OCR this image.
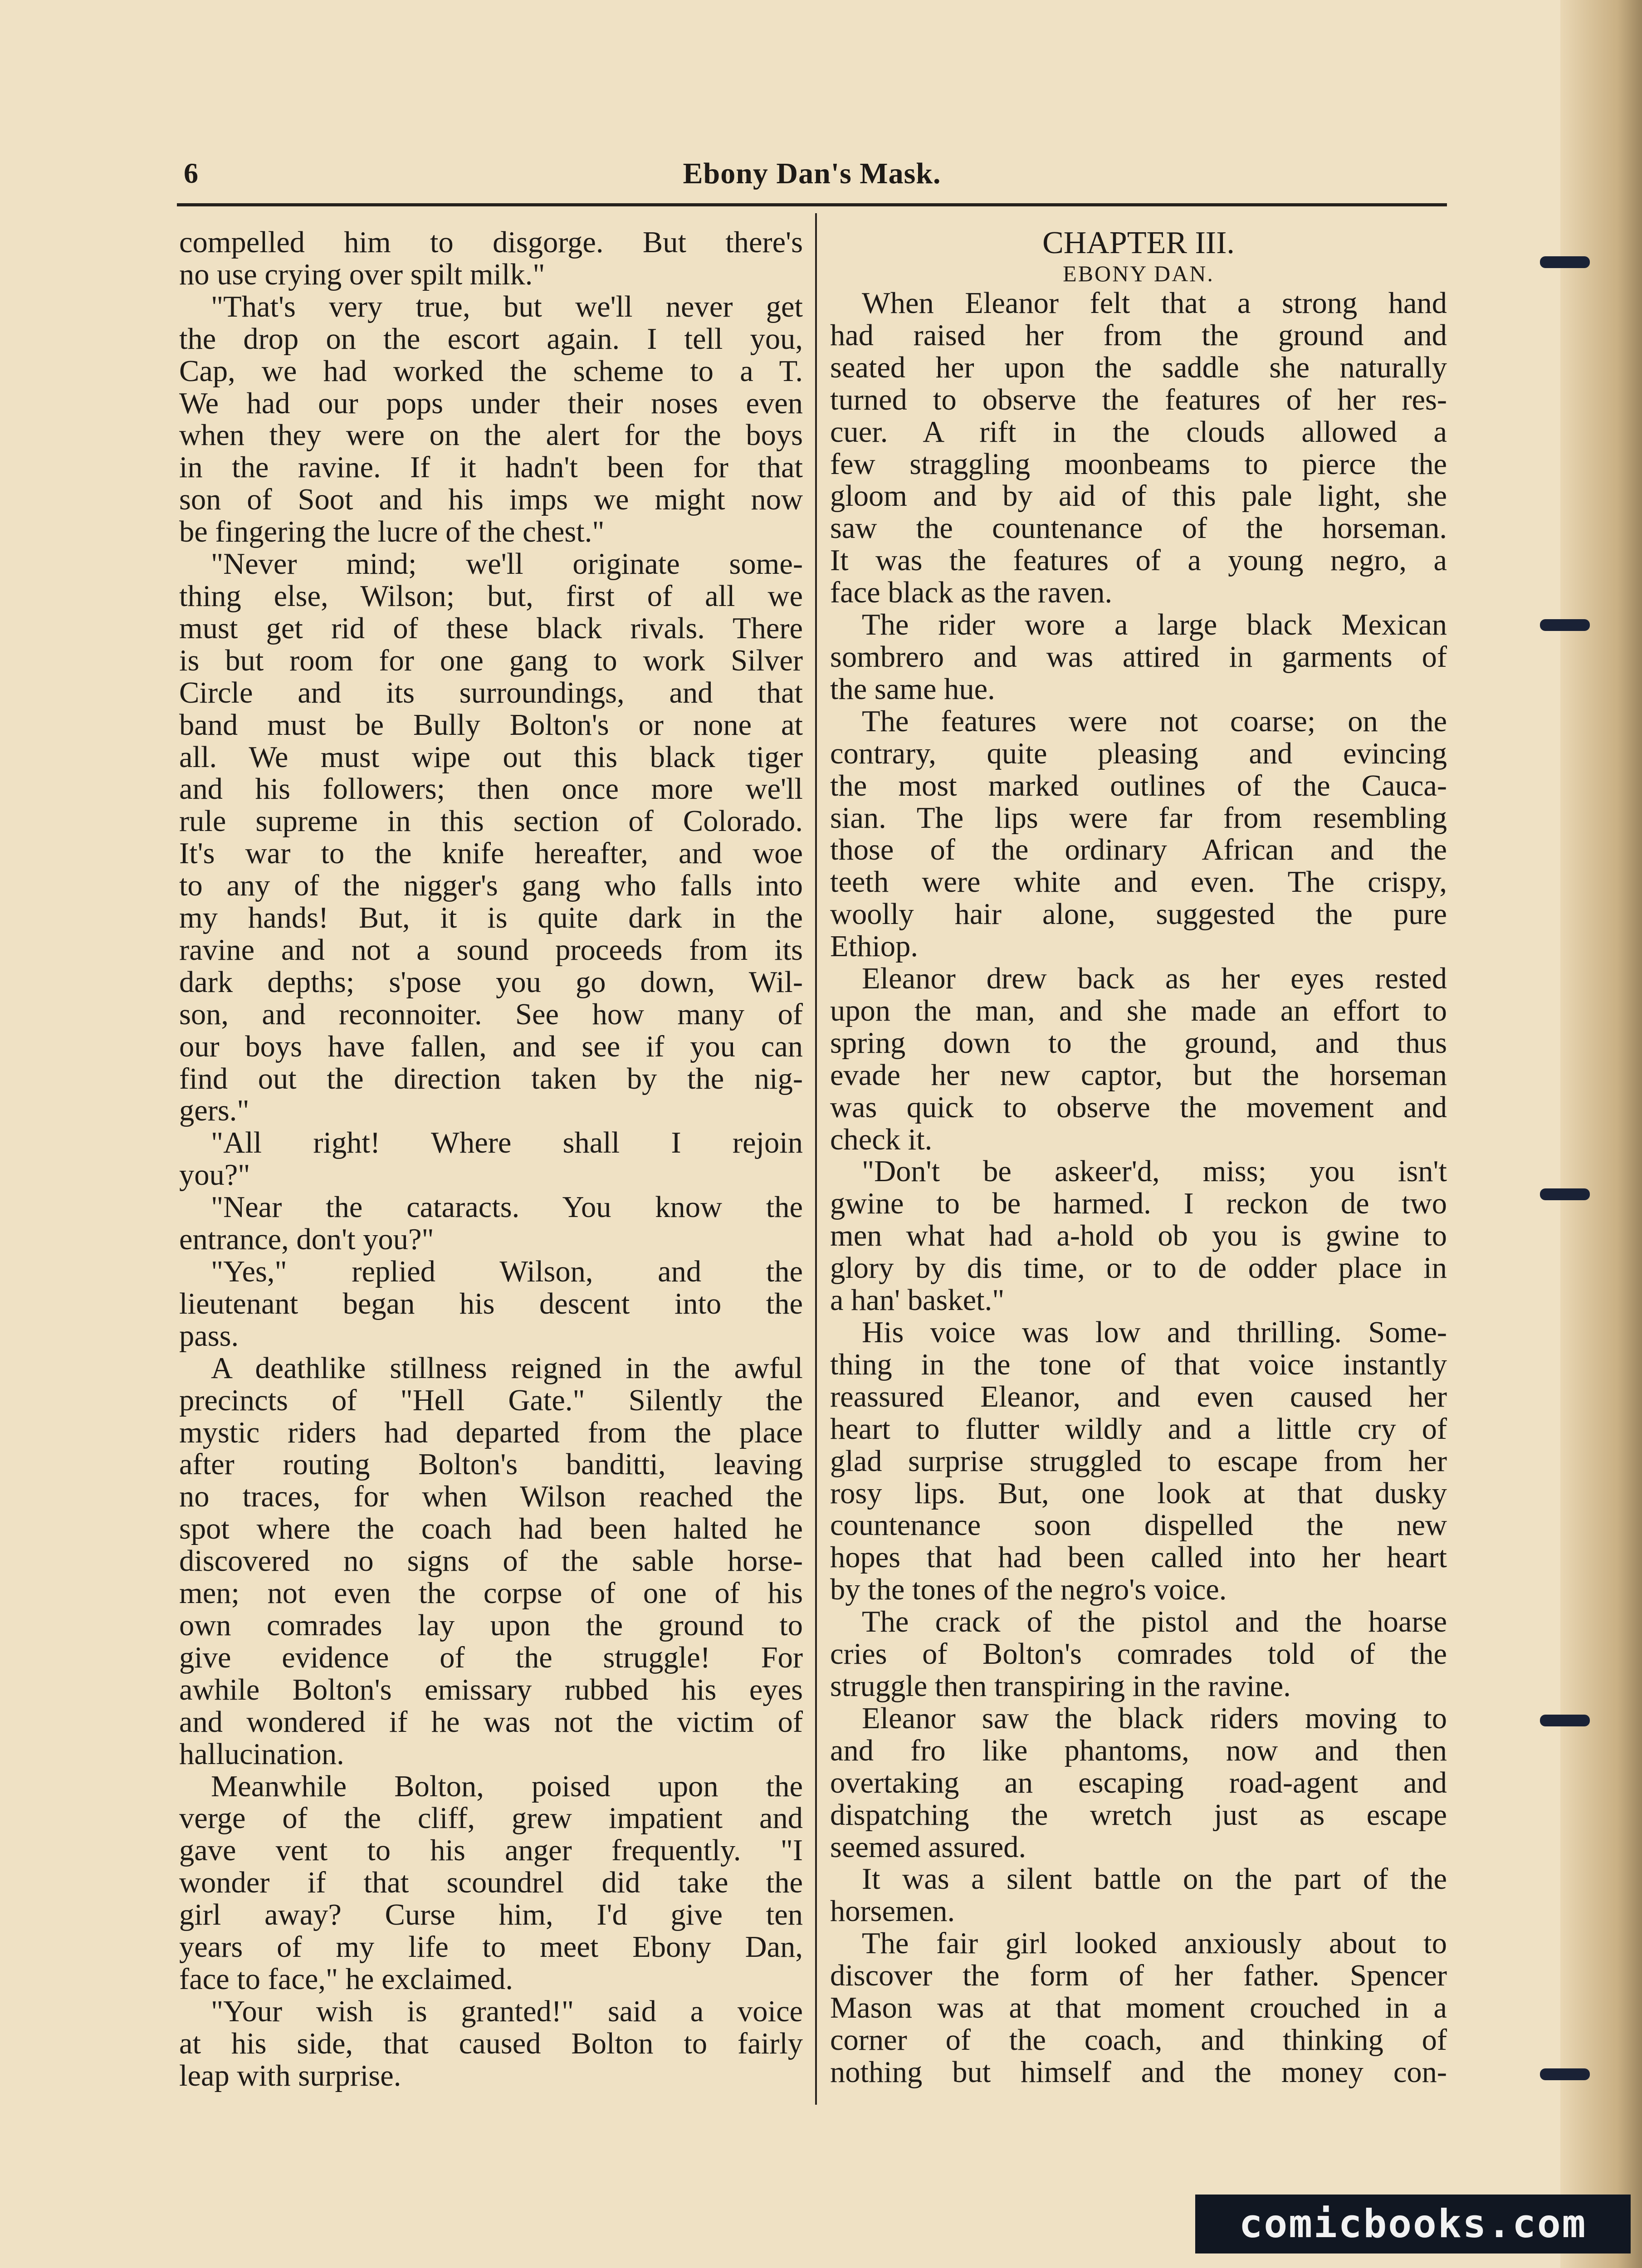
6	Ebony Dan's Mask.

compelled him to disgorge. But there's
no use crying over spilt milk."

"That's very true, but we'll never get
the drop on the escort again. I tell you,
Cap, we had worked the scheme to a T.
We had our pops under their noses even
when they were on the alert for the boys
in the ravine. If it hadn't been for that
son of Soot and his imps we might now
be fingering the lucre of the chest."

"Never mind; we'll originate some-
thing else, Wilson; but, first of all we
must get rid of these black rivals. There
is but room for one gang to work Silver
Circle and its surroundings, and that
band must be Bully Bolton's or none at
all. We must wipe out this black tiger
and his followers; then once more we'll
rule supreme in this section of Colorado.
It's war to the knife hereafter, and woe
to any of the nigger's gang who falls into
my hands! But, it is quite dark in the
ravine and not a sound proceeds from its
dark depths; s'pose you go down, Wil-
son, and reconnoiter. See how many of
our boys have fallen, and see if you can
find out the direction taken by the nig-
gers."

"All right! Where shall I rejoin
you?"

"Near the cataracts. You know the
entrance, don't you?"

"Yes," replied Wilson, and the
lieutenant began his descent into the
pass.

A deathlike stillness reigned in the awful
precincts of "Hell Gate." Silently the
mystic riders had departed from the place
after routing Bolton's banditti, leaving
no traces, for when Wilson reached the
spot where the coach had been halted he
discovered no signs of the sable horse-
men; not even the corpse of one of his
own comrades lay upon the ground to
give evidence of the struggle! For
awhile Bolton's emissary rubbed his eyes
and wondered if he was not the victim of
hallucination.

Meanwhile Bolton, poised upon the
verge of the cliff, grew impatient and
gave vent to his anger frequently. "I
wonder if that scoundrel did take the
girl away? Curse him, I'd give ten
years of my life to meet Ebony Dan,
face to face," he exclaimed.

"Your wish is granted!" said a voice
at his side, that caused Bolton to fairly
leap with surprise.

CHAPTER III.

EBONY DAN.

When Eleanor felt that a strong hand
had raised her from the ground and
seated her upon the saddle she naturally
turned to observe the features of her res-
cuer. A rift in the clouds allowed a
few straggling moonbeams to pierce the
gloom and by aid of this pale light, she
saw the countenance of the horseman.
It was the features of a young negro, a
face black as the raven.

The rider wore a large black Mexican
sombrero and was attired in garments of
the same hue.

The features were not coarse; on the
contrary, quite pleasing and evincing
the most marked outlines of the Cauca-
sian. The lips were far from resembling
those of the ordinary African and the
teeth were white and even. The crispy,
woolly hair alone, suggested the pure
Ethiop.

Eleanor drew back as her eyes rested
upon the man, and she made an effort to
spring down to the ground, and thus
evade her new captor, but the horseman
was quick to observe the movement and
check it.

"Don't be askeer'd, miss; you isn't
gwine to be harmed. I reckon de two
men what had a-hold ob you is gwine to
glory by dis time, or to de odder place in
a han' basket."

His voice was low and thrilling. Some-
thing in the tone of that voice instantly
reassured Eleanor, and even caused her
heart to flutter wildly and a little cry of
glad surprise struggled to escape from her
rosy lips. But, one look at that dusky
countenance soon dispelled the new
hopes that had been called into her heart
by the tones of the negro's voice.

The crack of the pistol and the hoarse
cries of Bolton's comrades told of the
struggle then transpiring in the ravine.

Eleanor saw the black riders moving to
and fro like phantoms, now and then
overtaking an escaping road-agent and
dispatching the wretch just as escape
seemed assured.

It was a silent battle on the part of the
horsemen.

The fair girl looked anxiously about to
discover the form of her father. Spencer
Mason was at that moment crouched in a
corner of the coach, and thinking of
nothing but himself and the money con-

comicbooks.com
